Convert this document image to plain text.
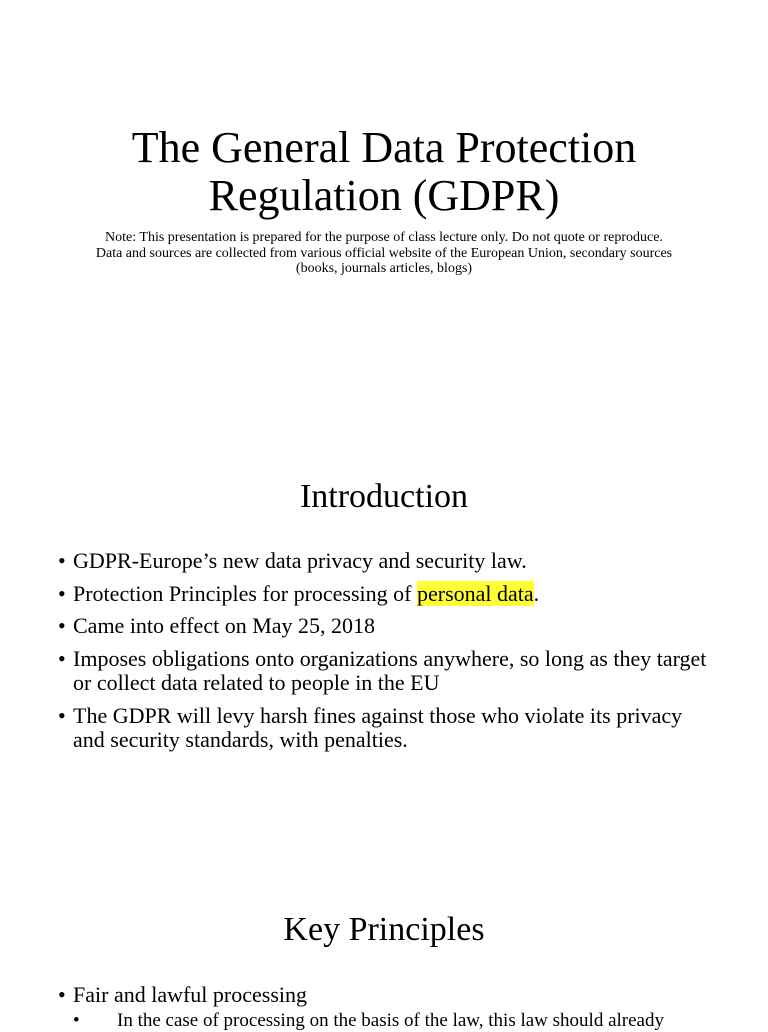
The General Data Protection
Regulation (GDPR)

Note: This presentation is prepared for the purpose of class lecture only. Do not quote or reproduce. Data and sources are collected from various official website of the European Union, secondary sources (books, journals articles, blogs)

Introduction
• GDPR-Europe’s new data privacy and security law.
• Protection Principles for processing of personal data.
• Came into effect on May 25, 2018
• Imposes obligations onto organizations anywhere, so long as they target or collect data related to people in the EU
• The GDPR will levy harsh fines against those who violate its privacy and security standards, with penalties.
Key Principles
• Fair and lawful processing
• In the case of processing on the basis of the law, this law should already
